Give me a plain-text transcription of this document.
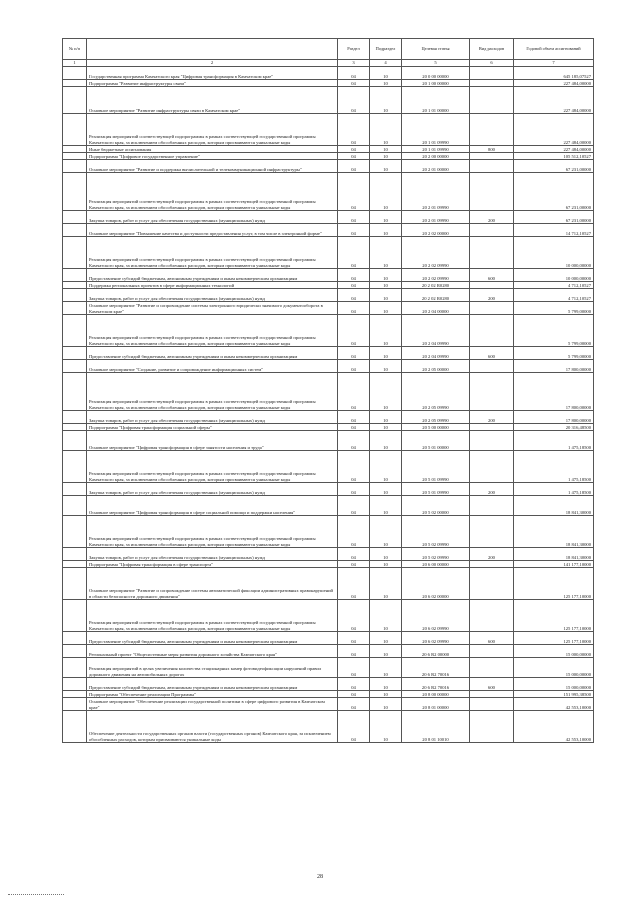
№ п/п		Раздел	Подраздел	Целевая статья	Вид расходов	Годовой объем ассигнований
1	2	3	4	5	6	7
	Государственная программа Камчатского края "Цифровая трансформация в Камчатском крае"	04	10	20 0 00 00000		645 185,07527
	Подпрограмма "Развитие инфраструктуры связи"	04	10	20 1 00 00000		227 484,00000
	Основное мероприятие "Развитие инфраструктуры связи в Камчатском крае"	04	10	20 1 01 00000		227 484,00000
	Реализация мероприятий соответствующей подпрограммы в рамках соответствующей государственной программы Камчатского края, за исключением обособленных расходов, которым присваиваются уникальные коды	04	10	20 1 01 09990		227 484,00000
	Иные бюджетные ассигнования	04	10	20 1 01 09990	800	227 484,00000
	Подпрограмма "Цифровое государственное управление"	04	10	20 2 00 00000		105 512,10527
	Основное мероприятие "Развитие и поддержка вычислительной и телекоммуникационной инфраструктуры"	04	10	20 2 01 00000		67 231,00000
	Реализация мероприятий соответствующей подпрограммы в рамках соответствующей государственной программы Камчатского края, за исключением обособленных расходов, которым присваиваются уникальные коды	04	10	20 2 01 09990		67 231,00000
	Закупка товаров, работ и услуг для обеспечения государственных (муниципальных) нужд	04	10	20 2 01 09990	200	67 231,00000
	Основное мероприятие "Повышение качества и доступности предоставления услуг, в том числе в электронной форме"	04	10	20 2 02 00000		14 712,10527
	Реализация мероприятий соответствующей подпрограммы в рамках соответствующей государственной программы Камчатского края, за исключением обособленных расходов, которым присваиваются уникальные коды	04	10	20 2 02 09990		10 000,00000
	Предоставление субсидий бюджетным, автономным учреждениям и иным некоммерческим организациям	04	10	20 2 02 09990	600	10 000,00000
	Поддержка региональных проектов в сфере информационных технологий	04	10	20 2 02 R0280		4 712,10527
	Закупка товаров, работ и услуг для обеспечения государственных (муниципальных) нужд	04	10	20 2 02 R0280	200	4 712,10527
	Основное мероприятие "Развитие и сопровождение системы электронного юридически значимого документооборота в Камчатском крае"	04	10	20 2 04 00000		5 799,00000
	Реализация мероприятий соответствующей подпрограммы в рамках соответствующей государственной программы Камчатского края, за исключением обособленных расходов, которым присваиваются уникальные коды	04	10	20 2 04 09990		5 799,00000
	Предоставление субсидий бюджетным, автономным учреждениям и иным некоммерческим организациям	04	10	20 2 04 09990	600	5 799,00000
	Основное мероприятие "Создание, развитие и сопровождение информационных систем"	04	10	20 2 05 00000		17 800,00000
	Реализация мероприятий соответствующей подпрограммы в рамках соответствующей государственной программы Камчатского края, за исключением обособленных расходов, которым присваиваются уникальные коды	04	10	20 2 05 09990		17 800,00000
	Закупка товаров, работ и услуг для обеспечения государственных (муниципальных) нужд	04	10	20 2 05 09990	200	17 800,00000
	Подпрограмма "Цифровая трансформация социальной сферы"	04	10	20 5 00 00000		20 316,48500
	Основное мероприятие "Цифровая трансформация в сфере занятости населения и труда"	04	10	20 5 01 00000		1 475,18500
	Реализация мероприятий соответствующей подпрограммы в рамках соответствующей государственной программы Камчатского края, за исключением обособленных расходов, которым присваиваются уникальные коды	04	10	20 5 01 09990		1 475,18500
	Закупка товаров, работ и услуг для обеспечения государственных (муниципальных) нужд	04	10	20 5 01 09990	200	1 475,18500
	Основное мероприятие "Цифровая трансформация в сфере социальной помощи и поддержки населения"	04	10	20 5 02 00000		18 841,30000
	Реализация мероприятий соответствующей подпрограммы в рамках соответствующей государственной программы Камчатского края, за исключением обособленных расходов, которым присваиваются уникальные коды	04	10	20 5 02 09990		18 841,30000
	Закупка товаров, работ и услуг для обеспечения государственных (муниципальных) нужд	04	10	20 5 02 09990	200	18 841,30000
	Подпрограмма "Цифровая трансформация в сфере транспорта"	04	10	20 6 00 00000		141 177,10000
	Основное мероприятие "Развитие и сопровождение системы автоматической фиксации административных правонарушений в области безопасности дорожного движения"	04	10	20 6 02 00000		125 177,10000
	Реализация мероприятий соответствующей подпрограммы в рамках соответствующей государственной программы Камчатского края, за исключением обособленных расходов, которым присваиваются уникальные коды	04	10	20 6 02 09990		125 177,10000
	Предоставление субсидий бюджетным, автономным учреждениям и иным некоммерческим организациям	04	10	20 6 02 09990	600	125 177,10000
	Региональный проект "Общесистемные меры развития дорожного хозяйства Камчатского края"	04	10	20 6 R2 00000		15 000,00000
	Реализация мероприятий в целях увеличения количества стационарных камер фотовидеофиксации нарушений правил дорожного движения на автомобильных дорогах	04	10	20 6 R2 70016		15 000,00000
	Предоставление субсидий бюджетным, автономным учреждениям и иным некоммерческим организациям	04	10	20 6 R2 70016	600	15 000,00000
	Подпрограмма "Обеспечение реализации Программы"	04	10	20 8 00 00000		151 995,38500
	Основное мероприятие "Обеспечение реализации государственной политики в сфере цифрового развития в Камчатском крае"	04	10	20 8 01 00000		42 553,10000
	Обеспечение деятельности государственных органов власти (государственных органов) Камчатского края, за исключением обособленных расходов, которым присваиваются уникальные коды	04	10	20 8 01 10010		42 553,10000
28
